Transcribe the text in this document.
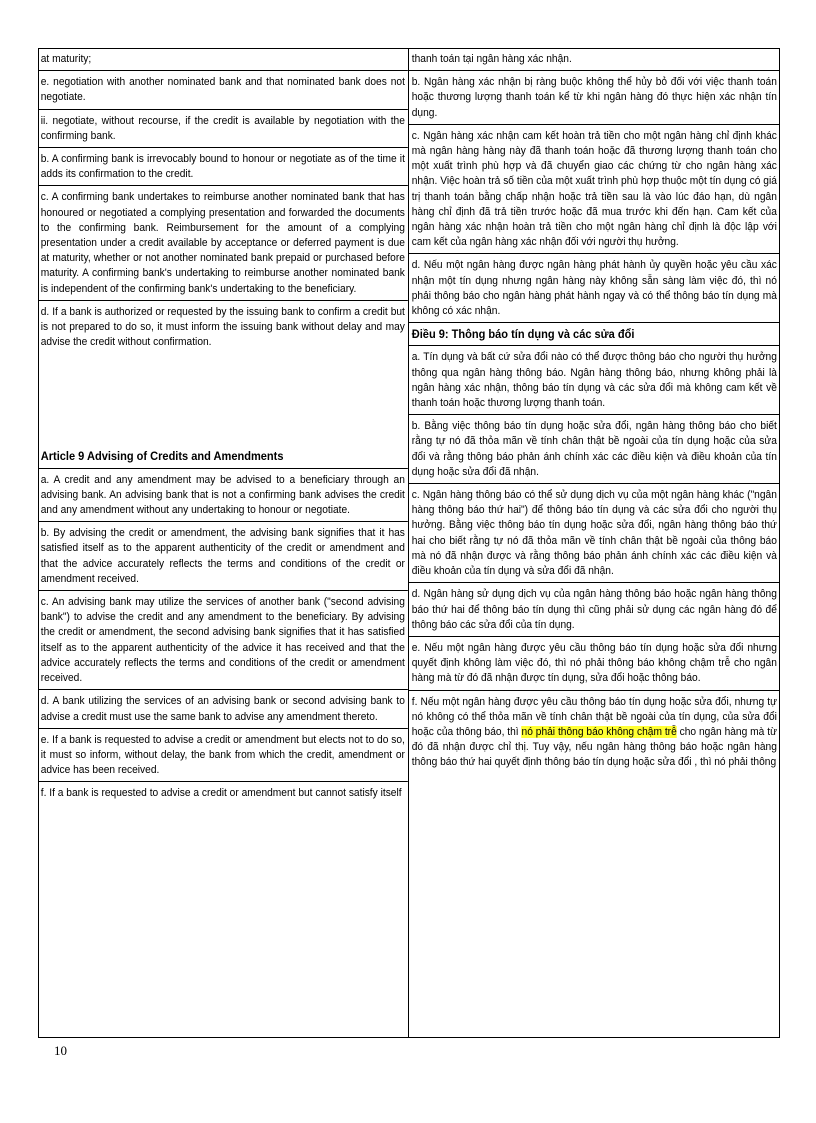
at maturity;
e. negotiation with another nominated bank and that nominated bank does not negotiate.
ii. negotiate, without recourse, if the credit is available by negotiation with the confirming bank.
b. A confirming bank is irrevocably bound to honour or negotiate as of the time it adds its confirmation to the credit.
c. A confirming bank undertakes to reimburse another nominated bank that has honoured or negotiated a complying presentation and forwarded the documents to the confirming bank. Reimbursement for the amount of a complying presentation under a credit available by acceptance or deferred payment is due at maturity, whether or not another nominated bank prepaid or purchased before maturity. A confirming bank's undertaking to reimburse another nominated bank is independent of the confirming bank's undertaking to the beneficiary.
d. If a bank is authorized or requested by the issuing bank to confirm a credit but is not prepared to do so, it must inform the issuing bank without delay and may advise the credit without confirmation.
Article 9 Advising of Credits and Amendments
a. A credit and any amendment may be advised to a beneficiary through an advising bank. An advising bank that is not a confirming bank advises the credit and any amendment without any undertaking to honour or negotiate.
b. By advising the credit or amendment, the advising bank signifies that it has satisfied itself as to the apparent authenticity of the credit or amendment and that the advice accurately reflects the terms and conditions of the credit or amendment received.
c. An advising bank may utilize the services of another bank ("second advising bank") to advise the credit and any amendment to the beneficiary. By advising the credit or amendment, the second advising bank signifies that it has satisfied itself as to the apparent authenticity of the advice it has received and that the advice accurately reflects the terms and conditions of the credit or amendment received.
d. A bank utilizing the services of an advising bank or second advising bank to advise a credit must use the same bank to advise any amendment thereto.
e. If a bank is requested to advise a credit or amendment but elects not to do so, it must so inform, without delay, the bank from which the credit, amendment or advice has been received.
f. If a bank is requested to advise a credit or amendment but cannot satisfy itself
thanh toán tại ngân hàng xác nhận.
b. Ngân hàng xác nhận bị ràng buộc không thể hủy bỏ đối với việc thanh toán hoặc thương lượng thanh toán kể từ khi ngân hàng đó thực hiện xác nhận tín dụng.
c. Ngân hàng xác nhận cam kết hoàn trả tiền cho một ngân hàng chỉ định khác mà ngân hàng hàng này đã thanh toán hoặc đã thương lượng thanh toán cho một xuất trình phù hợp và đã chuyển giao các chứng từ cho ngân hàng xác nhận. Việc hoàn trả số tiền của một xuất trình phù hợp thuộc một tín dụng có giá trị thanh toán bằng chấp nhận hoặc trả tiền sau là vào lúc đáo hạn, dù ngân hàng chỉ định đã trả tiền trước hoặc đã mua trước khi đến hạn. Cam kết của ngân hàng xác nhận hoàn trả tiền cho một ngân hàng chỉ định là độc lập với cam kết của ngân hàng xác nhận đối với người thụ hưởng.
d. Nếu một ngân hàng được ngân hàng phát hành ủy quyền hoặc yêu cầu xác nhận một tín dụng nhưng ngân hàng này không sẵn sàng làm việc đó, thì nó phải thông báo cho ngân hàng phát hành ngay và có thể thông báo tín dụng mà không có xác nhận.
Điều 9: Thông báo tín dụng và các sửa đổi
a. Tín dụng và bất cứ sửa đổi nào có thể được thông báo cho người thụ hưởng thông qua ngân hàng thông báo. Ngân hàng thông báo, nhưng không phải là ngân hàng xác nhận, thông báo tín dụng và các sửa đổi mà không cam kết về thanh toán hoặc thương lượng thanh toán.
b. Bằng việc thông báo tín dụng hoặc sửa đổi, ngân hàng thông báo cho biết rằng tự nó đã thỏa mãn về tính chân thật bề ngoài của tín dụng hoặc của sửa đổi và rằng thông báo phản ánh chính xác các điều kiện và điều khoản của tín dụng hoặc sửa đổi đã nhận.
c. Ngân hàng thông báo có thể sử dụng dịch vụ của một ngân hàng khác ("ngân hàng thông báo thứ hai") để thông báo tín dụng và các sửa đổi cho người thụ hưởng. Bằng việc thông báo tín dụng hoặc sửa đổi, ngân hàng thông báo thứ hai cho biết rằng tự nó đã thỏa mãn về tính chân thật bề ngoài của thông báo mà nó đã nhận được và rằng thông báo phản ánh chính xác các điều kiện và điều khoản của tín dụng và sửa đổi đã nhận.
d. Ngân hàng sử dụng dịch vụ của ngân hàng thông báo hoặc ngân hàng thông báo thứ hai để thông báo tín dụng thì cũng phải sử dụng các ngân hàng đó để thông báo các sửa đổi của tín dụng.
e. Nếu một ngân hàng được yêu cầu thông báo tín dụng hoặc sửa đổi nhưng quyết định không làm việc đó, thì nó phải thông báo không chậm trễ cho ngân hàng mà từ đó đã nhận được tín dụng, sửa đổi hoặc thông báo.
f. Nếu một ngân hàng được yêu cầu thông báo tín dụng hoặc sửa đổi, nhưng tự nó không có thể thỏa mãn về tính chân thật bề ngoài của tín dụng, của sửa đổi hoặc của thông báo, thì nó phải thông báo không chậm trễ cho ngân hàng mà từ đó đã nhận được chỉ thị. Tuy vậy, nếu ngân hàng thông báo hoặc ngân hàng thông báo thứ hai quyết định thông báo tín dụng hoặc sửa đổi , thì nó phải thông
10
